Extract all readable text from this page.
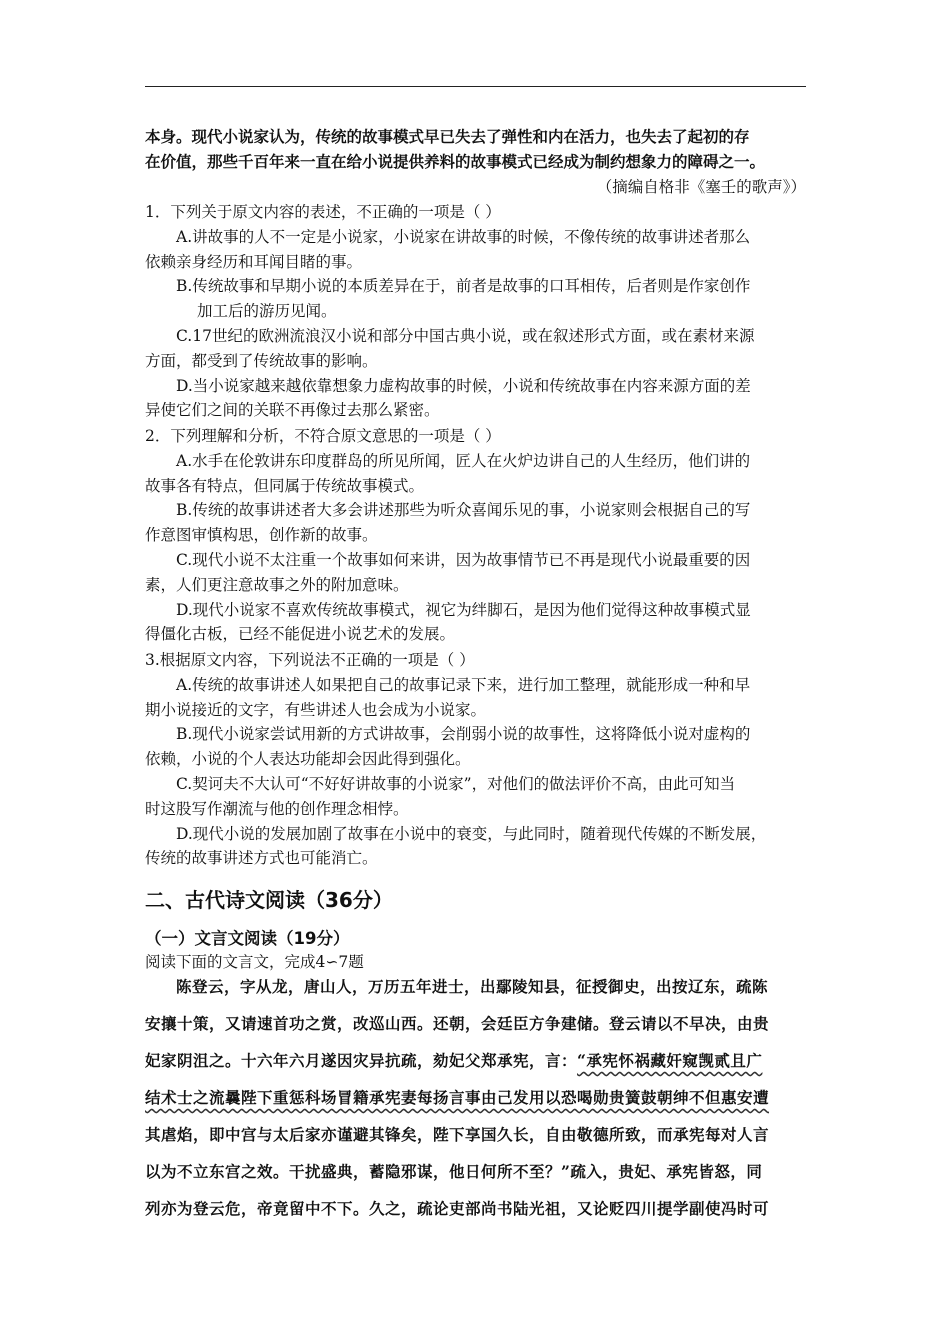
本身。现代小说家认为，传统的故事模式早已失去了弹性和内在活力，也失去了起初的存
在价值，那些千百年来一直在给小说提供养料的故事模式已经成为制约想象力的障碍之一。
（摘编自格非《塞壬的歌声》）
1．下列关于原文内容的表述，不正确的一项是（ ）
A.讲故事的人不一定是小说家，小说家在讲故事的时候，不像传统的故事讲述者那么
依赖亲身经历和耳闻目睹的事。
B.传统故事和早期小说的本质差异在于，前者是故事的口耳相传，后者则是作家创作
加工后的游历见闻。
C.17世纪的欧洲流浪汉小说和部分中国古典小说，或在叙述形式方面，或在素材来源
方面，都受到了传统故事的影响。
D.当小说家越来越依靠想象力虚构故事的时候，小说和传统故事在内容来源方面的差
异使它们之间的关联不再像过去那么紧密。
2．下列理解和分析，不符合原文意思的一项是（ ）
A.水手在伦敦讲东印度群岛的所见所闻，匠人在火炉边讲自己的人生经历，他们讲的
故事各有特点，但同属于传统故事模式。
B.传统的故事讲述者大多会讲述那些为听众喜闻乐见的事，小说家则会根据自己的写
作意图审慎构思，创作新的故事。
C.现代小说不太注重一个故事如何来讲，因为故事情节已不再是现代小说最重要的因
素，人们更注意故事之外的附加意味。
D.现代小说家不喜欢传统故事模式，视它为绊脚石，是因为他们觉得这种故事模式显
得僵化古板，已经不能促进小说艺术的发展。
3.根据原文内容，下列说法不正确的一项是（ ）
A.传统的故事讲述人如果把自己的故事记录下来，进行加工整理，就能形成一种和早
期小说接近的文字，有些讲述人也会成为小说家。
B.现代小说家尝试用新的方式讲故事，会削弱小说的故事性，这将降低小说对虚构的
依赖，小说的个人表达功能却会因此得到强化。
C.契诃夫不大认可“不好好讲故事的小说家”，对他们的做法评价不高，由此可知当
时这股写作潮流与他的创作理念相悖。
D.现代小说的发展加剧了故事在小说中的衰变，与此同时，随着现代传媒的不断发展，
传统的故事讲述方式也可能消亡。
二、古代诗文阅读（36分）
（一）文言文阅读（19分）
阅读下面的文言文，完成4∽7题
陈登云，字从龙，唐山人，万历五年进士，出鄢陵知县，征授御史，出按辽东，疏陈
安攘十策，又请速首功之赏，改巡山西。还朝，会廷臣方争建储。登云请以不早决，由贵
妃家阴沮之。十六年六月遂因灾异抗疏，劾妃父郑承宪，言：“承宪怀祸藏奸窥觊贰且广
结术士之流曩陛下重惩科场冒籍承宪妻每扬言事由己发用以恐喝勋贵簧鼓朝绅不但惠安遭
其虐焰，即中宫与太后家亦谨避其锋矣，陛下享国久长，自由敬德所致，而承宪每对人言
以为不立东宫之效。干扰盛典，蓄隐邪谋，他日何所不至？”疏入，贵妃、承宪皆怒，同
列亦为登云危，帝竟留中不下。久之，疏论吏部尚书陆光祖，又论贬四川提学副使冯时可
